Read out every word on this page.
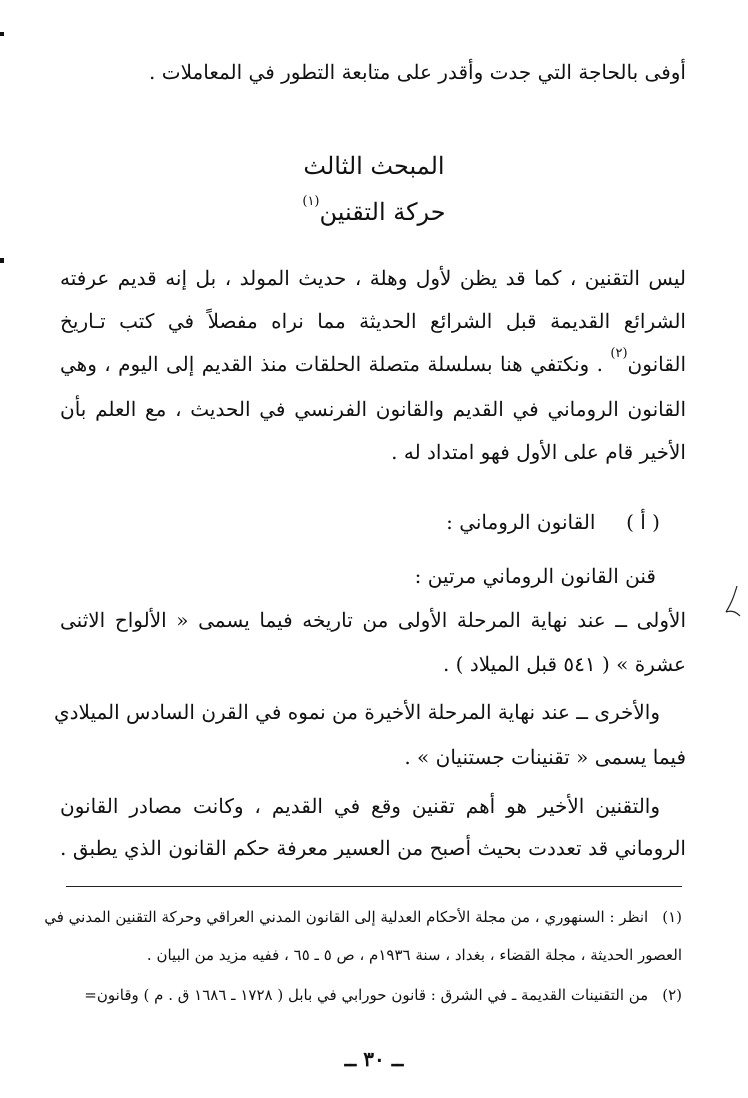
أوفى بالحاجة التي جدت وأقدر على متابعة التطور في المعاملات .
المبحث الثالث
حركة التقنين$^{(١)}$
ليس التقنين ، كما قد يظن لأول وهلة ، حديث المولد ، بل إنه قديم عرفته
الشرائع القديمة قبل الشرائع الحديثة مما نراه مفصلاً في كتب تـاريخ
القانون$^{(٢)}$ . ونكتفي هنا بسلسلة متصلة الحلقات منذ القديم إلى اليوم ، وهي
القانون الروماني في القديم والقانون الفرنسي في الحديث ، مع العلم بأن
الأخير قام على الأول فهو امتداد له .
( أ )  القانون الروماني :
قنن القانون الروماني مرتين :
الأولى ــ عند نهاية المرحلة الأولى من تاريخه فيما يسمى « الألواح الاثنى
عشرة » ( ٥٤١ قبل الميلاد ) .
والأخرى ــ عند نهاية المرحلة الأخيرة من نموه في القرن السادس الميلادي
فيما يسمى « تقنينات جستنيان » .
والتقنين الأخير هو أهم تقنين وقع في القديم ، وكانت مصادر القانون
الروماني قد تعددت بحيث أصبح من العسير معرفة حكم القانون الذي يطبق .
(١)انظر : السنهوري ، من مجلة الأحكام العدلية إلى القانون المدني العراقي وحركة التقنين المدني في
العصور الحديثة ، مجلة القضاء ، بغداد ، سنة ١٩٣٦م ، ص ٥ ـ ٦٥ ، ففيه مزيد من البيان .
(٢)من التقنينات القديمة ـ في الشرق : قانون حورابي في بابل ( ١٧٢٨ ـ ١٦٨٦ ق . م ) وقانون=
ــ ٣٠ ــ
